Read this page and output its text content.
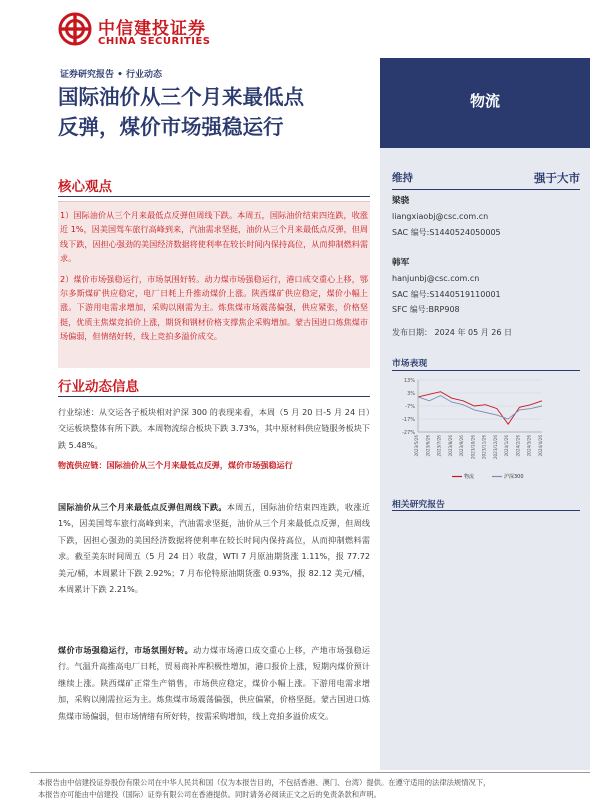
中信建投证券
CHINA SECURITIES
物流
证券研究报告 • 行业动态
国际油价从三个月来最低点
反弹，煤价市场强稳运行
核心观点

1）国际油价从三个月来最低点反弹但周线下跌。本周五，国际油价结束四连跌，收涨近 1%，因美国驾车旅行高峰到来，汽油需求坚挺，油价从三个月来最低点反弹，但周线下跌，因担心强劲的美国经济数据将使利率在较长时间内保持高位，从而抑制燃料需求。

2）煤价市场强稳运行，市场氛围好转。动力煤市场强稳运行，港口成交重心上移，鄂尔多斯煤矿供应稳定，电厂日耗上升推动煤价上涨。陕西煤矿供应稳定，煤价小幅上涨。下游用电需求增加，采购以刚需为主。炼焦煤市场震荡偏强，供应紧张，价格坚挺，优质主焦煤竞拍价上涨，期货和钢材价格支撑焦企采购增加。蒙古国进口炼焦煤市场偏弱，但情绪好转，线上竞拍多溢价成交。

行业动态信息

行业综述：从交运各子板块相对沪深 300 的表现来看，本周（5 月 20 日-5 月 24 日）交运板块整体有所下跌。本周物流综合板块下跌 3.73%，其中原材料供应链服务板块下跌 5.48%。

物流供应链：国际油价从三个月来最低点反弹，煤价市场强稳运行

国际油价从三个月来最低点反弹但周线下跌。本周五，国际油价结束四连跌，收涨近 1%，因美国驾车旅行高峰到来，汽油需求坚挺，油价从三个月来最低点反弹，但周线下跌，因担心强劲的美国经济数据将使利率在较长时间内保持高位，从而抑制燃料需求。截至美东时间周五（5 月 24 日）收盘，WTI 7 月原油期货涨 1.11%，报 77.72 美元/桶，本周累计下跌 2.92%；7 月布伦特原油期货涨 0.93%，报 82.12 美元/桶，本周累计下跌 2.21%。

煤价市场强稳运行，市场氛围好转。动力煤市场港口成交重心上移，产地市场强稳运行。气温升高推高电厂日耗，贸易商补库积极性增加，港口报价上涨，短期内煤价预计继续上涨。陕西煤矿正常生产销售，市场供应稳定，煤价小幅上涨。下游用电需求增加，采购以刚需拉运为主。炼焦煤市场震荡偏强，供应偏紧，价格坚挺。蒙古国进口炼焦煤市场偏弱，但市场情绪有所好转，按需采购增加，线上竞拍多溢价成交。

维持	强于大市
梁骁
liangxiaobj@csc.com.cn
SAC 编号:S1440524050005
韩军
hanjunbj@csc.com.cn
SAC 编号:S1440519110001
SFC 编号:BRP908
发布日期： 2024 年 05 月 26 日
市场表现
13%
3%
-7%
-17%
-27%
2023/5/26 2023/6/26 2023/7/26 2023/8/26 2023/9/26 2023/10/26 2023/11/26 2023/12/26 2024/1/26 2024/2/26 2024/3/26 2024/4/26
物流	沪深300
相关研究报告
本报告由中信建投证券股份有限公司在中华人民共和国（仅为本报告目的，不包括香港、澳门、台湾）提供。在遵守适用的法律法规情况下，
本报告亦可能由中信建投（国际）证券有限公司在香港提供。同时请务必阅读正文之后的免责条款和声明。
